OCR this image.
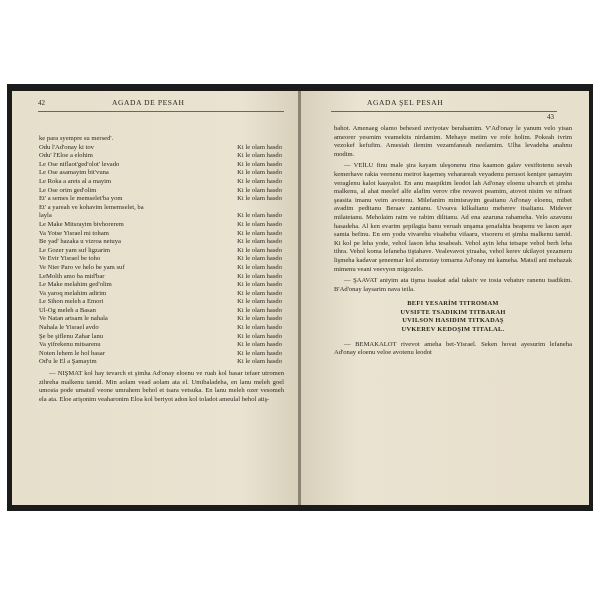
42	AGADA DE PESAH
ke para syempre su mersed'.
Odu l'Ad'onay ki tov	Ki le olam hasdo
Odu' l'Eloe a elohim	Ki le olam hasdo
Le Ose niflaot'ged'olot' levado	Ki le olam hasdo
Le Ose asamayim bit'vuna	Ki le olam hasdo
Le Roka a arets al a mayim	Ki le olam hasdo
Le Ose orim ged'olim	Ki le olam hasdo
Et' a semes le memselet'ba yom	Ki le olam hasdo
Et' a yareah ve kohavim lememselet, ba
layla	Ki le olam hasdo
Le Make Mitsrayim bivhorerem	Ki le olam hasdo
Va Yotse Yisrael mi toham	Ki le olam hasdo
Be yad' hazaka u vizroa netuya	Ki le olam hasdo
Le Gozer yam suf ligzarim	Ki le olam hasdo
Ve Evir Yisrael be toho	Ki le olam hasdo
Ve Nier Paro ve helo be yam suf	Ki le olam hasdo
LeMolih amo ba mid'bar	Ki le olam hasdo
Le Make melahim ged'olim	Ki le olam hasdo
Va yaroq melahim adirim	Ki le olam hasdo
Le Sihon meleh a Emori	Ki le olam hasdo
Ul-Og meleh a Basan	Ki le olam hasdo
Ve Natan artsam le nahala	Ki le olam hasdo
Nahala le Yisrael avdo	Ki le olam hasdo
Şe be şiflenu Zahar lanu	Ki le olam hasdo
Va yifrekenu mitsarenu	Ki le olam hasdo
Noten lehem le hol basar	Ki le olam hasdo
Od'u le El a Şamayim	Ki le olam hasdo
— NIŞMAT kol hay tevarch et şimha Ad'onay eloenu ve ruah kol basar tefaer utromen zihreha malkenu tamid. Min aolam vead aolam ata el. Umibaladeha, en lanu meleh goel umosia pode umatsil veone umrahem behol et tsara vetsuka. En lanu meleh ozer vesomeh ela ata. Eloe arişonim veaharonim Eloa kol beriyot adon kol toladot ameulal behol atiş-
AGADA ŞEL PESAH
43
bahot. Amenaeg olamo behesed uvriyotav berahamim. V'Ad'onay le yanum velo yisan ameorer yesenim veamekits nirdamim. Mehaye metim ve rofe holim. Pokeah ivrim vezokef kefufim. Amesiah ilemim vezamfaneah neelamim. Ulha levadeha anahnu modim.
— VEİLU finu male şira kayam uleşonenu rina kaamon galav vesiftotenu sevah kemerhave rakia veenenu meirot kaşemeş veharareah veyadenu perusot kenişre şamayim veraglenu kalot kaayalot. En anu maspikim leodot lah Ad'onay eloenu ulvarch et şimha malkenu, al ahat meelef alfe alafim verov ribe revavot peamim, atovot nisim ve nifraot şeasita imanu veim avotenu. Milefanim mimisrayim geaitanu Ad'onay eloenu, mibet avadim peditanu Beraav zantanu. Uvsava kilkaltanu meherev itsaltanu. Midever milatetanu. Meholaim raim ve rabim dilitanu. Ad ena azaruna rahameha. Velo azavunu hasadeha. Al ken evarim şepilagta banu veruah unşama şenafahta beapenu ve lason aşer samta befinu. En em yodu vivarehu visabehu vifaaru, visoreru et şimha malkenu tamid. Ki kol pe leha yode, vehol lason leha tesabeah. Vehol ayin leha tetsape vehol berh leha tihra. Vehol koma lefaneha tiştahave. Vealevavot yiraaha, vehol kerev ukilayot yezameru lişmeha kadavar şeneemar kol atsmotay tomarna Ad'onay mi kameha. Matsil ani mehazak mimenu veani veevyon migozelo.
— ŞAAVAT aniyim ata tişma isaakat adal taksiv ve tosia vehatuv ranenu tsadikim. B'Ad'onay laysarim nava teila.
BEFI YESARİM TITROMAM
UVSIFTE TSADIKIM TITBARAH
UVILSON HASIDIM TITKADAŞ
UVKEREV KEDOŞIM TITALAL.
— BEMAKALOT rivevot ameha bet-Yisrael. Seken hovat ayesurim lefaneha Ad'onay eloenu veloe avotenu leodot
